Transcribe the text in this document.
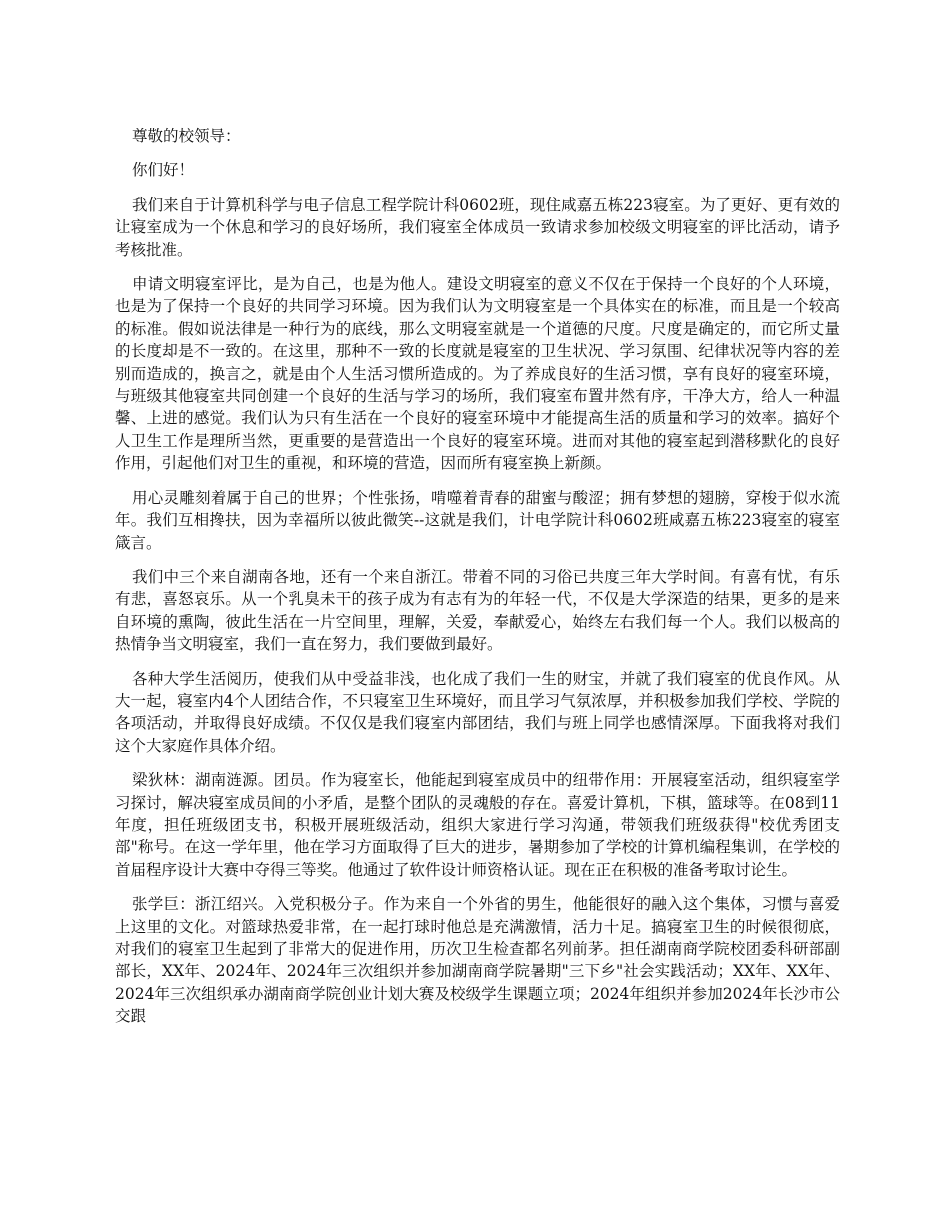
尊敬的校领导：

你们好！

我们来自于计算机科学与电子信息工程学院计科0602班，现住咸嘉五栋223寝室。为了更好、更有效的让寝室成为一个休息和学习的良好场所，我们寝室全体成员一致请求参加校级文明寝室的评比活动，请予考核批准。

申请文明寝室评比，是为自己，也是为他人。建设文明寝室的意义不仅在于保持一个良好的个人环境，也是为了保持一个良好的共同学习环境。因为我们认为文明寝室是一个具体实在的标准，而且是一个较高的标准。假如说法律是一种行为的底线，那么文明寝室就是一个道德的尺度。尺度是确定的，而它所丈量的长度却是不一致的。在这里，那种不一致的长度就是寝室的卫生状况、学习氛围、纪律状况等内容的差别而造成的，换言之，就是由个人生活习惯所造成的。为了养成良好的生活习惯，享有良好的寝室环境，与班级其他寝室共同创建一个良好的生活与学习的场所，我们寝室布置井然有序，干净大方，给人一种温馨、上进的感觉。我们认为只有生活在一个良好的寝室环境中才能提高生活的质量和学习的效率。搞好个人卫生工作是理所当然，更重要的是营造出一个良好的寝室环境。进而对其他的寝室起到潜移默化的良好作用，引起他们对卫生的重视，和环境的营造，因而所有寝室换上新颜。

用心灵雕刻着属于自己的世界；个性张扬，啃噬着青春的甜蜜与酸涩；拥有梦想的翅膀，穿梭于似水流年。我们互相搀扶，因为幸福所以彼此微笑--这就是我们，计电学院计科0602班咸嘉五栋223寝室的寝室箴言。

我们中三个来自湖南各地，还有一个来自浙江。带着不同的习俗已共度三年大学时间。有喜有忧，有乐有悲，喜怒哀乐。从一个乳臭未干的孩子成为有志有为的年轻一代，不仅是大学深造的结果，更多的是来自环境的熏陶，彼此生活在一片空间里，理解，关爱，奉献爱心，始终左右我们每一个人。我们以极高的热情争当文明寝室，我们一直在努力，我们要做到最好。

各种大学生活阅历，使我们从中受益非浅，也化成了我们一生的财宝，并就了我们寝室的优良作风。从大一起，寝室内4个人团结合作，不只寝室卫生环境好，而且学习气氛浓厚，并积极参加我们学校、学院的各项活动，并取得良好成绩。不仅仅是我们寝室内部团结，我们与班上同学也感情深厚。下面我将对我们这个大家庭作具体介绍。

梁狄林：湖南涟源。团员。作为寝室长，他能起到寝室成员中的纽带作用：开展寝室活动，组织寝室学习探讨，解决寝室成员间的小矛盾，是整个团队的灵魂般的存在。喜爱计算机，下棋，篮球等。在08到11年度，担任班级团支书，积极开展班级活动，组织大家进行学习沟通，带领我们班级获得"校优秀团支部"称号。在这一学年里，他在学习方面取得了巨大的进步，暑期参加了学校的计算机编程集训，在学校的首届程序设计大赛中夺得三等奖。他通过了软件设计师资格认证。现在正在积极的准备考取讨论生。

张学巨：浙江绍兴。入党积极分子。作为来自一个外省的男生，他能很好的融入这个集体，习惯与喜爱上这里的文化。对篮球热爱非常，在一起打球时他总是充满激情，活力十足。搞寝室卫生的时候很彻底，对我们的寝室卫生起到了非常大的促进作用，历次卫生检查都名列前茅。担任湖南商学院校团委科研部副部长，XX年、2024年、2024年三次组织并参加湖南商学院暑期"三下乡"社会实践活动；XX年、XX年、2024年三次组织承办湖南商学院创业计划大赛及校级学生课题立项；2024年组织并参加2024年长沙市公交跟
